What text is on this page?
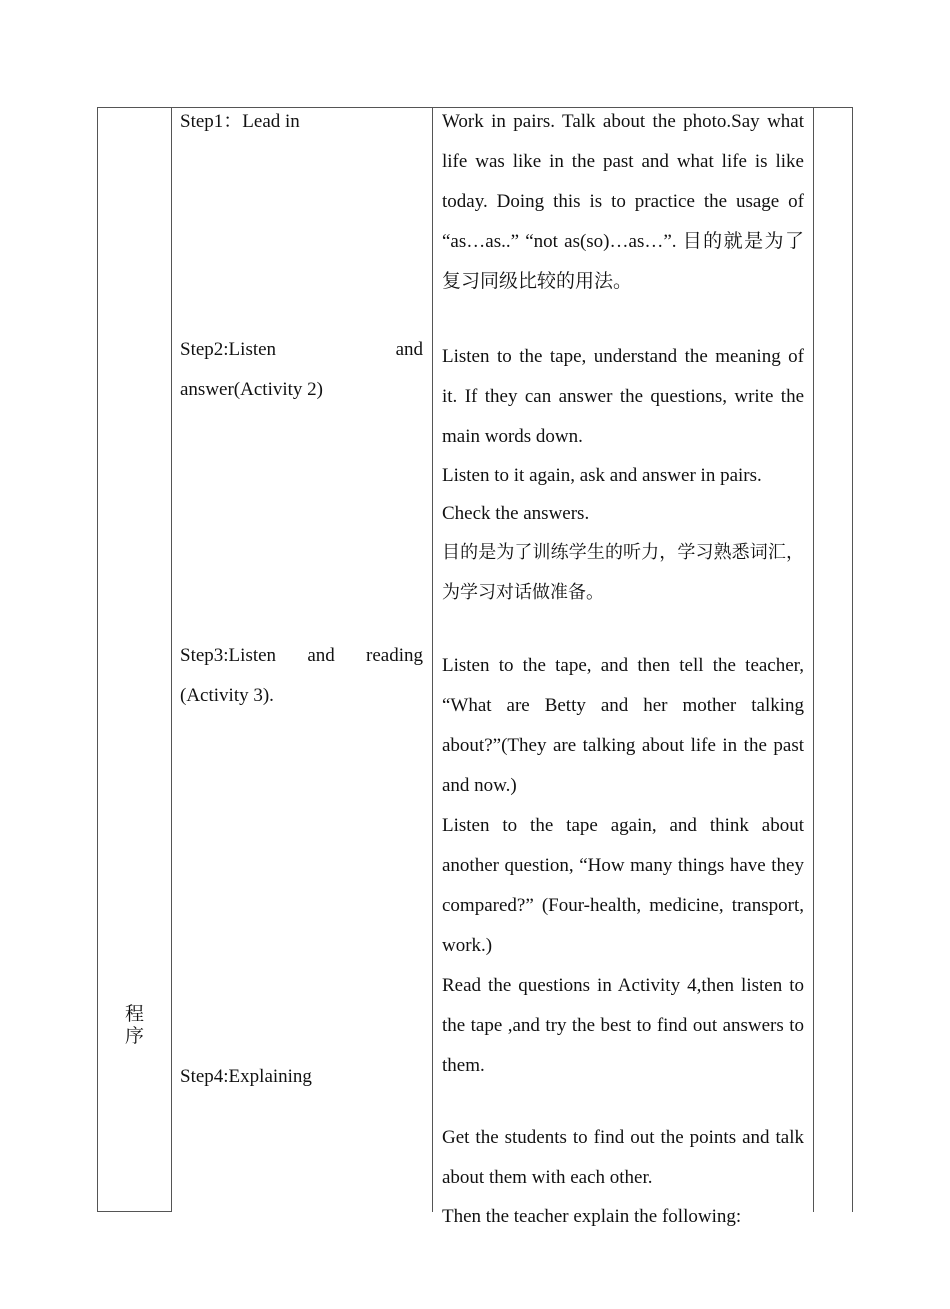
程
序
Step1：Lead in
Step2:Listen and answer(Activity 2)
Step3:Listen and reading (Activity 3).
Step4:Explaining

Work in pairs. Talk about the photo.Say what life was like in the past and what life is like today. Doing this is to practice the usage of “as…as..” “not as(so)…as…”. 目的就是为了复习同级比较的用法。

Listen to the tape, understand the meaning of it. If they can answer the questions, write the main words down.

Listen to it again, ask and answer in pairs.

Check the answers.

目的是为了训练学生的听力，学习熟悉词汇，为学习对话做准备。

Listen to the tape, and then tell the teacher, “What are Betty and her mother talking about?”(They are talking about life in the past and now.)

Listen to the tape again, and think about another question, “How many things have they compared?” (Four-health, medicine, transport, work.)

Read the questions in Activity 4,then listen to the tape ,and try the best to find out answers to them.

Get the students to find out the points and talk about them with each other.

Then the teacher explain the following:
